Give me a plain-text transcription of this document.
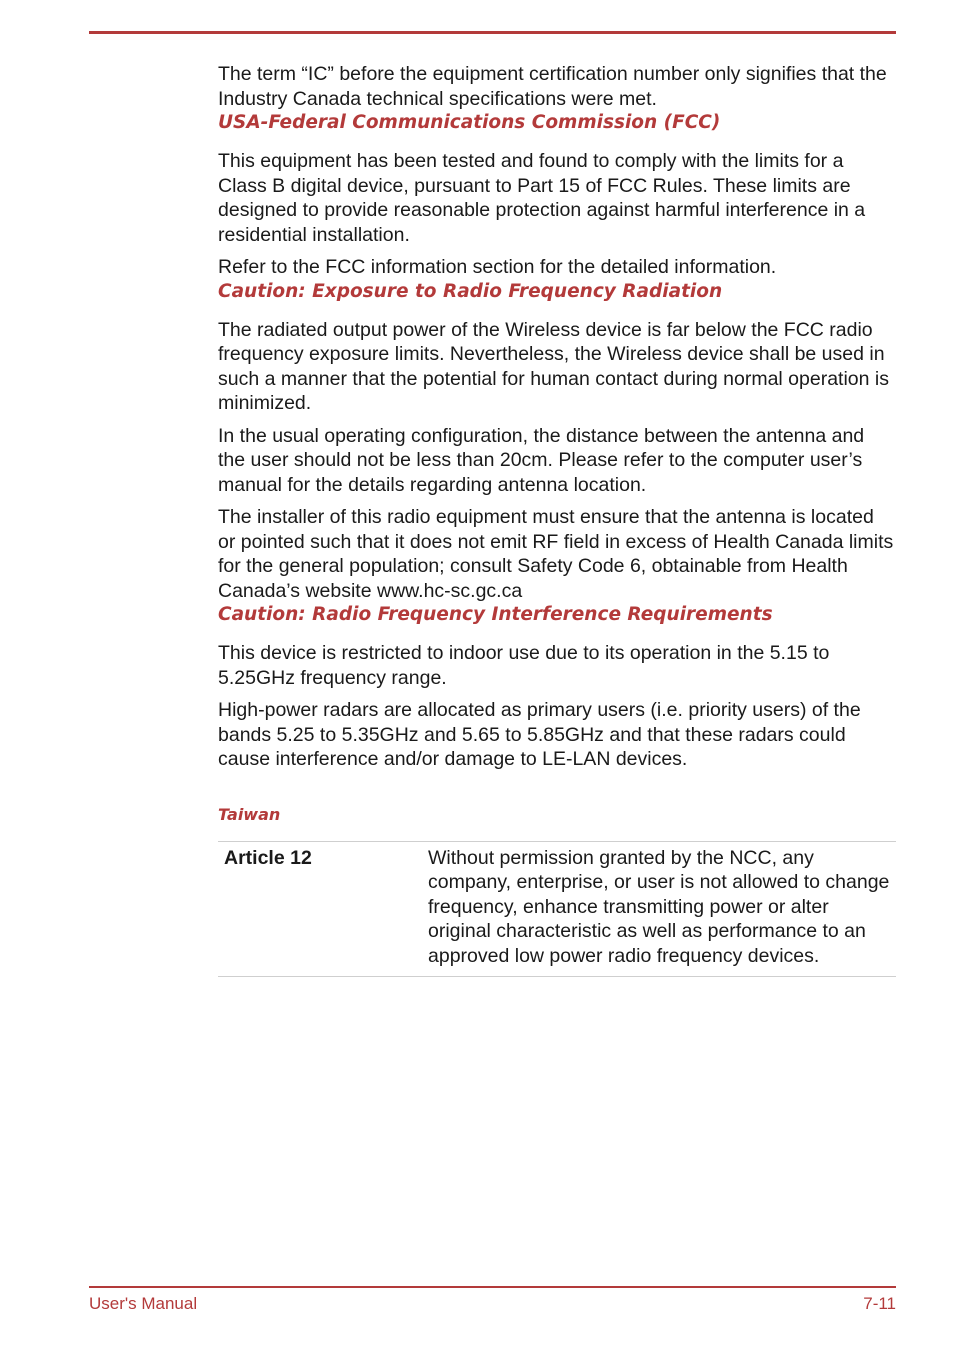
The term “IC” before the equipment certification number only signifies that the Industry Canada technical specifications were met.

USA-Federal Communications Commission (FCC)

This equipment has been tested and found to comply with the limits for a Class B digital device, pursuant to Part 15 of FCC Rules. These limits are designed to provide reasonable protection against harmful interference in a residential installation.

Refer to the FCC information section for the detailed information.

Caution: Exposure to Radio Frequency Radiation

The radiated output power of the Wireless device is far below the FCC radio frequency exposure limits. Nevertheless, the Wireless device shall be used in such a manner that the potential for human contact during normal operation is minimized.

In the usual operating configuration, the distance between the antenna and the user should not be less than 20cm. Please refer to the computer user’s manual for the details regarding antenna location.

The installer of this radio equipment must ensure that the antenna is located or pointed such that it does not emit RF field in excess of Health Canada limits for the general population; consult Safety Code 6, obtainable from Health Canada’s website www.hc-sc.gc.ca

Caution: Radio Frequency Interference Requirements

This device is restricted to indoor use due to its operation in the 5.15 to 5.25GHz frequency range.

High-power radars are allocated as primary users (i.e. priority users) of the bands 5.25 to 5.35GHz and 5.65 to 5.85GHz and that these radars could cause interference and/or damage to LE-LAN devices.

Taiwan
Article 12	Without permission granted by the NCC, any company, enterprise, or user is not allowed to change frequency, enhance transmitting power or alter original characteristic as well as performance to an approved low power radio frequency devices.
User's Manual	7-11
